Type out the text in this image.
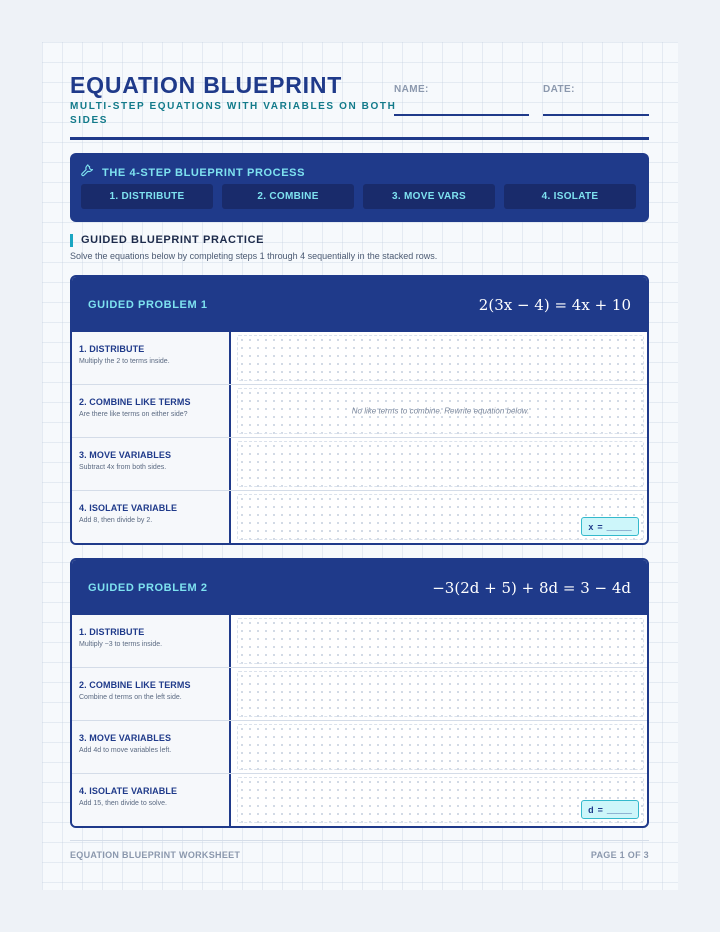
EQUATION BLUEPRINT
MULTI-STEP EQUATIONS WITH VARIABLES ON BOTH SIDES
NAME:	DATE:
THE 4-STEP BLUEPRINT PROCESS
1. DISTRIBUTE	2. COMBINE	3. MOVE VARS	4. ISOLATE
GUIDED BLUEPRINT PRACTICE
Solve the equations below by completing steps 1 through 4 sequentially in the stacked rows.
GUIDED PROBLEM 1	2(3x − 4) = 4x + 10
1. DISTRIBUTE
Multiply the 2 to terms inside.
2. COMBINE LIKE TERMS
Are there like terms on either side?	No like terms to combine. Rewrite equation below.
3. MOVE VARIABLES
Subtract 4x from both sides.
4. ISOLATE VARIABLE
Add 8, then divide by 2.
x = _____
GUIDED PROBLEM 2	−3(2d + 5) + 8d = 3 − 4d
1. DISTRIBUTE
Multiply −3 to terms inside.
2. COMBINE LIKE TERMS
Combine d terms on the left side.
3. MOVE VARIABLES
Add 4d to move variables left.
4. ISOLATE VARIABLE
Add 15, then divide to solve.
d = _____
EQUATION BLUEPRINT WORKSHEET	PAGE 1 OF 3
